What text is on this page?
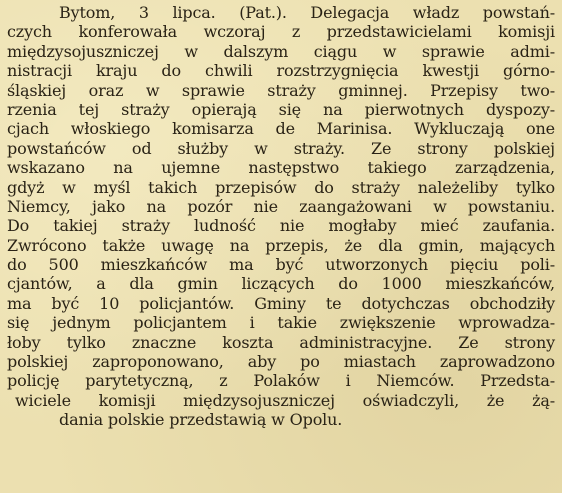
Bytom, 3 lipca. (Pat.). Delegacja władz powstań-
czych konferowała wczoraj z przedstawicielami komisji
międzysojuszniczej w dalszym ciągu w sprawie admi-
nistracji kraju do chwili rozstrzygnięcia kwestji górno-
śląskiej oraz w sprawie straży gminnej. Przepisy two-
rzenia tej straży opierają się na pierwotnych dyspozy-
cjach włoskiego komisarza de Marinisa. Wykluczają one
powstańców od służby w straży. Ze strony polskiej
wskazano na ujemne następstwo takiego zarządzenia,
gdyż w myśl takich przepisów do straży należeliby tylko
Niemcy, jako na pozór nie zaangażowani w powstaniu.
Do takiej straży ludność nie mogłaby mieć zaufania.
Zwrócono także uwagę na przepis, że dla gmin, mających
do 500 mieszkańców ma być utworzonych pięciu poli-
cjantów, a dla gmin liczących do 1000 mieszkańców,
ma być 10 policjantów. Gminy te dotychczas obchodziły
się jednym policjantem i takie zwiększenie wprowadza-
łoby tylko znaczne koszta administracyjne. Ze strony
polskiej zaproponowano, aby po miastach zaprowadzono
policję parytetyczną, z Polaków i Niemców. Przedsta-
wiciele komisji międzysojuszniczej oświadczyli, że żą-
dania polskie przedstawią w Opolu.
